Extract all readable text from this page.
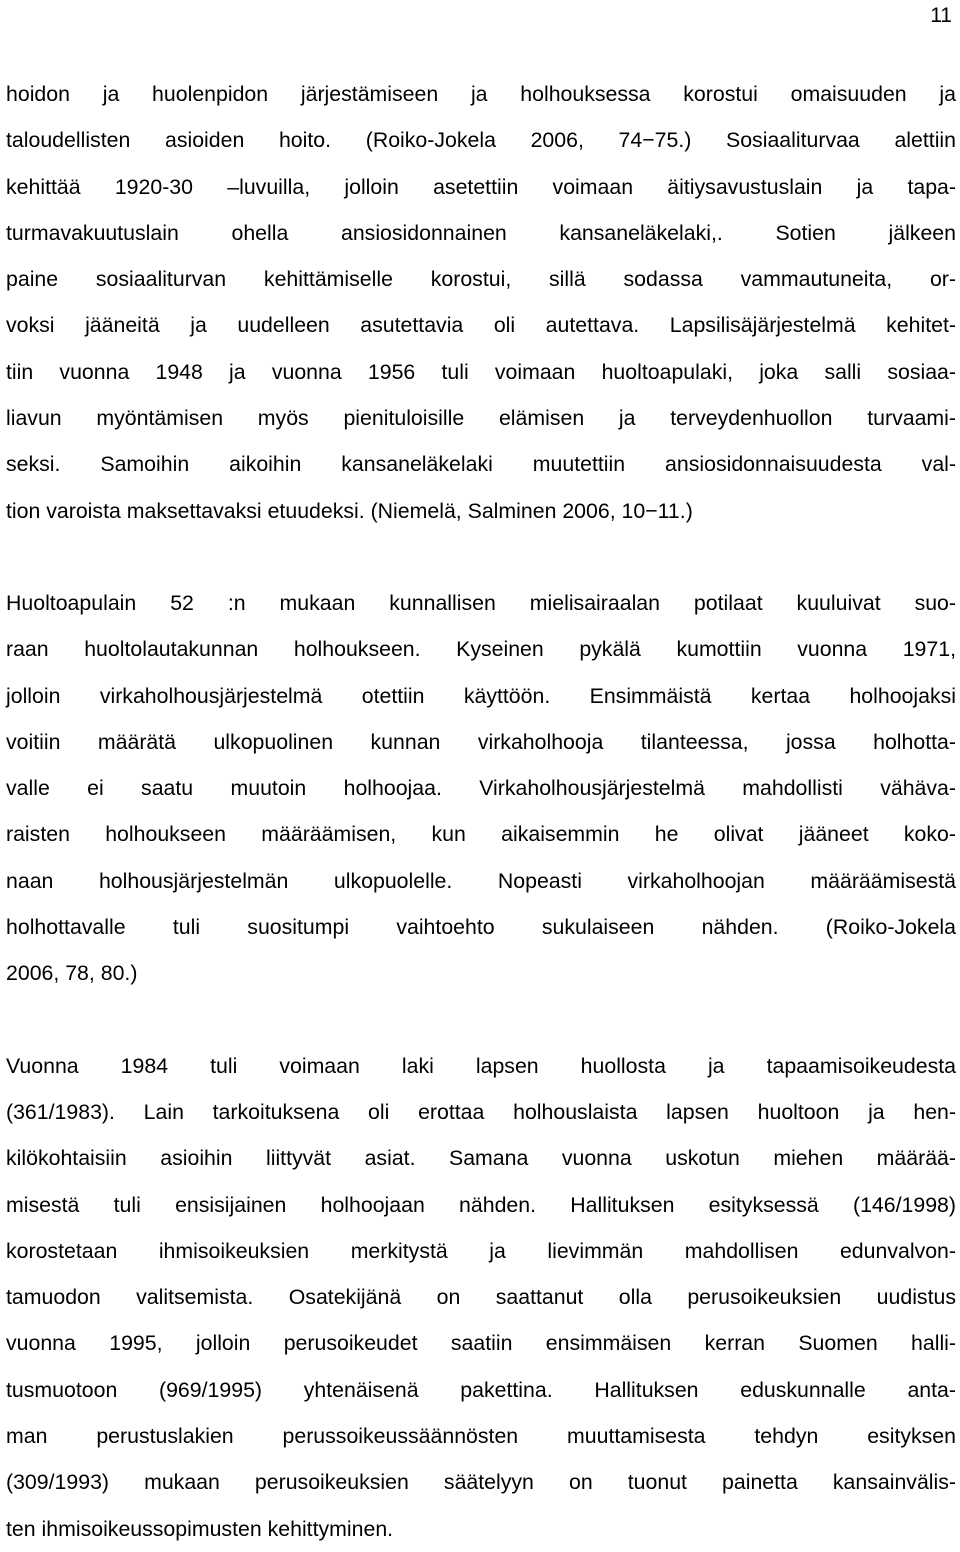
11

hoidon ja huolenpidon järjestämiseen ja holhouksessa korostui omaisuuden ja
taloudellisten asioiden hoito. (Roiko-Jokela 2006, 74−75.) Sosiaaliturvaa alettiin
kehittää 1920-30 –luvuilla, jolloin asetettiin voimaan äitiysavustuslain ja tapa-
turmavakuutuslain ohella ansiosidonnainen kansaneläkelaki,. Sotien jälkeen
paine sosiaaliturvan kehittämiselle korostui, sillä sodassa vammautuneita, or-
voksi jääneitä ja uudelleen asutettavia oli autettava. Lapsilisäjärjestelmä kehitet-
tiin vuonna 1948 ja vuonna 1956 tuli voimaan huoltoapulaki, joka salli sosiaa-
liavun myöntämisen myös pienituloisille elämisen ja terveydenhuollon turvaami-
seksi. Samoihin aikoihin kansaneläkelaki muutettiin ansiosidonnaisuudesta val-
tion varoista maksettavaksi etuudeksi. (Niemelä, Salminen 2006, 10−11.)

Huoltoapulain 52 :n mukaan kunnallisen mielisairaalan potilaat kuuluivat suo-
raan huoltolautakunnan holhoukseen. Kyseinen pykälä kumottiin vuonna 1971,
jolloin virkaholhousjärjestelmä otettiin käyttöön. Ensimmäistä kertaa holhoojaksi
voitiin määrätä ulkopuolinen kunnan virkaholhooja tilanteessa, jossa holhotta-
valle ei saatu muutoin holhoojaa. Virkaholhousjärjestelmä mahdollisti vähäva-
raisten holhoukseen määräämisen, kun aikaisemmin he olivat jääneet koko-
naan holhousjärjestelmän ulkopuolelle. Nopeasti virkaholhoojan määräämisestä
holhottavalle tuli suositumpi vaihtoehto sukulaiseen nähden. (Roiko-Jokela
2006, 78, 80.)

Vuonna 1984 tuli voimaan laki lapsen huollosta ja tapaamisoikeudesta
(361/1983). Lain tarkoituksena oli erottaa holhouslaista lapsen huoltoon ja hen-
kilökohtaisiin asioihin liittyvät asiat. Samana vuonna uskotun miehen määrää-
misestä tuli ensisijainen holhoojaan nähden. Hallituksen esityksessä (146/1998)
korostetaan ihmisoikeuksien merkitystä ja lievimmän mahdollisen edunvalvon-
tamuodon valitsemista. Osatekijänä on saattanut olla perusoikeuksien uudistus
vuonna 1995, jolloin perusoikeudet saatiin ensimmäisen kerran Suomen halli-
tusmuotoon (969/1995) yhtenäisenä pakettina. Hallituksen eduskunnalle anta-
man perustuslakien perussoikeussäännösten muuttamisesta tehdyn esityksen
(309/1993) mukaan perusoikeuksien säätelyyn on tuonut painetta kansainvälis-
ten ihmisoikeussopimusten kehittyminen.
